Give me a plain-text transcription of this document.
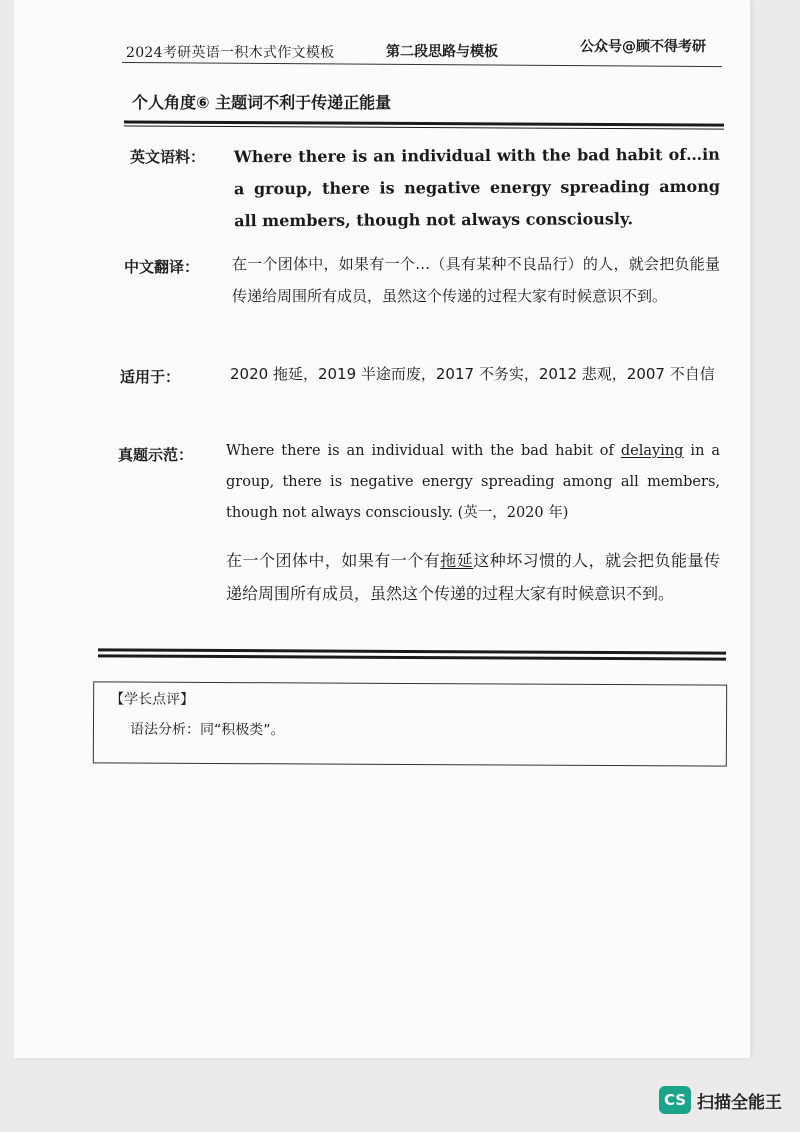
2024考研英语一积木式作文模板	第二段思路与模板	公众号@顾不得考研
个人角度⑥ 主题词不利于传递正能量
英文语料： Where there is an individual with the bad habit of…in a group, there is negative energy spreading among all members, though not always consciously.
中文翻译： 在一个团体中，如果有一个…（具有某种不良品行）的人，就会把负能量传递给周围所有成员，虽然这个传递的过程大家有时候意识不到。
适用于：	2020 拖延，2019 半途而废，2017 不务实，2012 悲观，2007 不自信
真题示范： Where there is an individual with the bad habit of delaying in a group, there is negative energy spreading among all members, though not always consciously. (英一，2020 年)
在一个团体中，如果有一个有拖延这种坏习惯的人，就会把负能量传递给周围所有成员，虽然这个传递的过程大家有时候意识不到。
【学长点评】
语法分析：同“积极类”。
CS 扫描全能王
